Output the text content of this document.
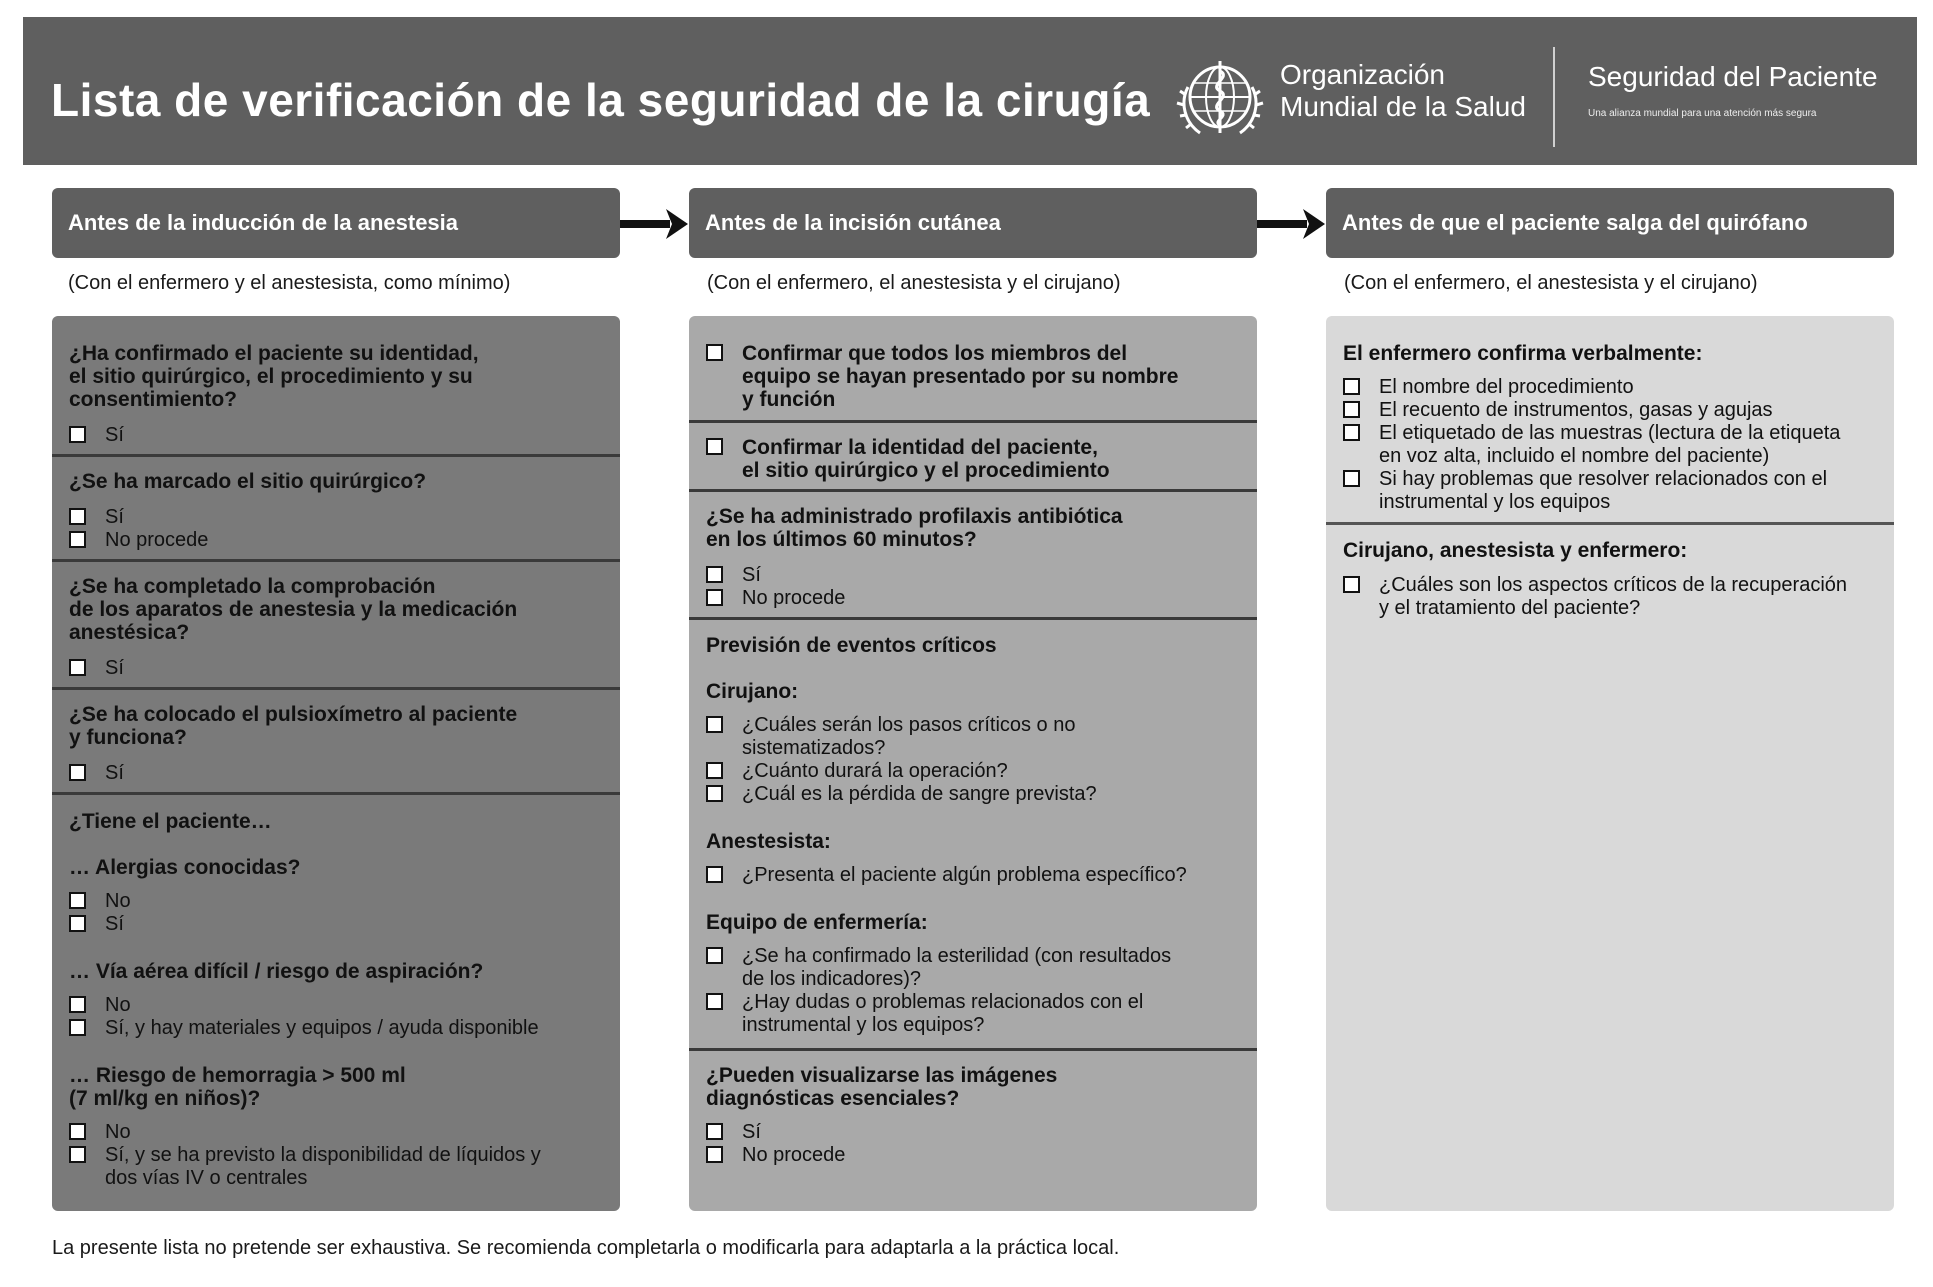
Lista de verificación de la seguridad de la cirugía	Organización
Mundial de la Salud
Seguridad del Paciente
Una alianza mundial para una atención más segura
Antes de la inducción de la anestesia	Antes de la incisión cutánea	Antes de que el paciente salga del quirófano
(Con el enfermero y el anestesista, como mínimo)	(Con el enfermero, el anestesista y el cirujano)	(Con el enfermero, el anestesista y el cirujano)
¿Ha confirmado el paciente su identidad,
el sitio quirúrgico, el procedimiento y su
consentimiento?
Sí
¿Se ha marcado el sitio quirúrgico?
Sí
No procede
¿Se ha completado la comprobación
de los aparatos de anestesia y la medicación
anestésica?
Sí
¿Se ha colocado el pulsioxímetro al paciente
y funciona?
Sí
¿Tiene el paciente…
… Alergias conocidas?
No
Sí
… Vía aérea difícil / riesgo de aspiración?
No
Sí, y hay materiales y equipos / ayuda disponible
… Riesgo de hemorragia > 500 ml
(7 ml/kg en niños)?
No
Sí, y se ha previsto la disponibilidad de líquidos y
dos vías IV o centrales
Confirmar que todos los miembros del
equipo se hayan presentado por su nombre
y función
Confirmar la identidad del paciente,
el sitio quirúrgico y el procedimiento
¿Se ha administrado profilaxis antibiótica
en los últimos 60 minutos?
Sí
No procede
Previsión de eventos críticos
Cirujano:
¿Cuáles serán los pasos críticos o no
sistematizados?
¿Cuánto durará la operación?
¿Cuál es la pérdida de sangre prevista?
Anestesista:
¿Presenta el paciente algún problema específico?
Equipo de enfermería:
¿Se ha confirmado la esterilidad (con resultados
de los indicadores)?
¿Hay dudas o problemas relacionados con el
instrumental y los equipos?
¿Pueden visualizarse las imágenes
diagnósticas esenciales?
Sí
No procede
El enfermero confirma verbalmente:
El nombre del procedimiento
El recuento de instrumentos, gasas y agujas
El etiquetado de las muestras (lectura de la etiqueta
en voz alta, incluido el nombre del paciente)
Si hay problemas que resolver relacionados con el
instrumental y los equipos
Cirujano, anestesista y enfermero:
¿Cuáles son los aspectos críticos de la recuperación
y el tratamiento del paciente?
La presente lista no pretende ser exhaustiva. Se recomienda completarla o modificarla para adaptarla a la práctica local.
